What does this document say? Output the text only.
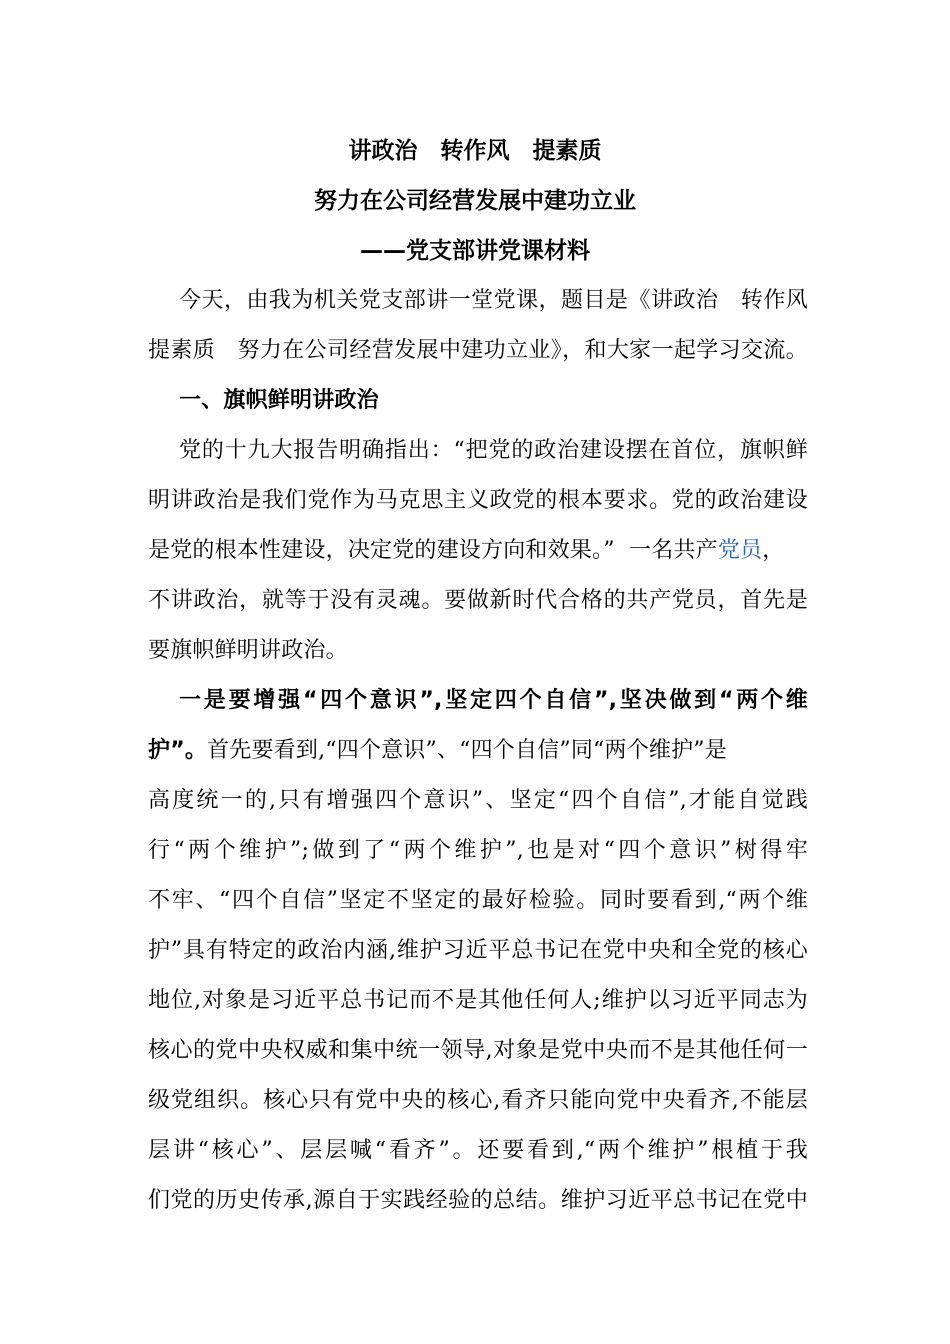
讲政治　转作风　提素质
努力在公司经营发展中建功立业
——党支部讲党课材料
今天，由我为机关党支部讲一堂党课，题目是《讲政治　转作风
提素质　努力在公司经营发展中建功立业》，和大家一起学习交流。
一、旗帜鲜明讲政治
党的十九大报告明确指出：“把党的政治建设摆在首位，旗帜鲜
明讲政治是我们党作为马克思主义政党的根本要求。党的政治建设
是党的根本性建设，决定党的建设方向和效果。”  一名共产党员，
不讲政治，就等于没有灵魂。要做新时代合格的共产党员，首先是
要旗帜鲜明讲政治。
一是要增强“四个意识”,坚定四个自信”,坚决做到“两个维
护”。首先要看到,“四个意识”、“四个自信”同“两个维护”是
高度统一的,只有增强四个意识”、坚定“四个自信”,才能自觉践
行“两个维护”;做到了“两个维护”,也是对“四个意识”树得牢
不牢、“四个自信”坚定不坚定的最好检验。同时要看到,“两个维
护”具有特定的政治内涵,维护习近平总书记在党中央和全党的核心
地位,对象是习近平总书记而不是其他任何人;维护以习近平同志为
核心的党中央权威和集中统一领导,对象是党中央而不是其他任何一
级党组织。核心只有党中央的核心,看齐只能向党中央看齐,不能层
层讲“核心”、层层喊“看齐”。还要看到,“两个维护”根植于我
们党的历史传承,源自于实践经验的总结。维护习近平总书记在党中
